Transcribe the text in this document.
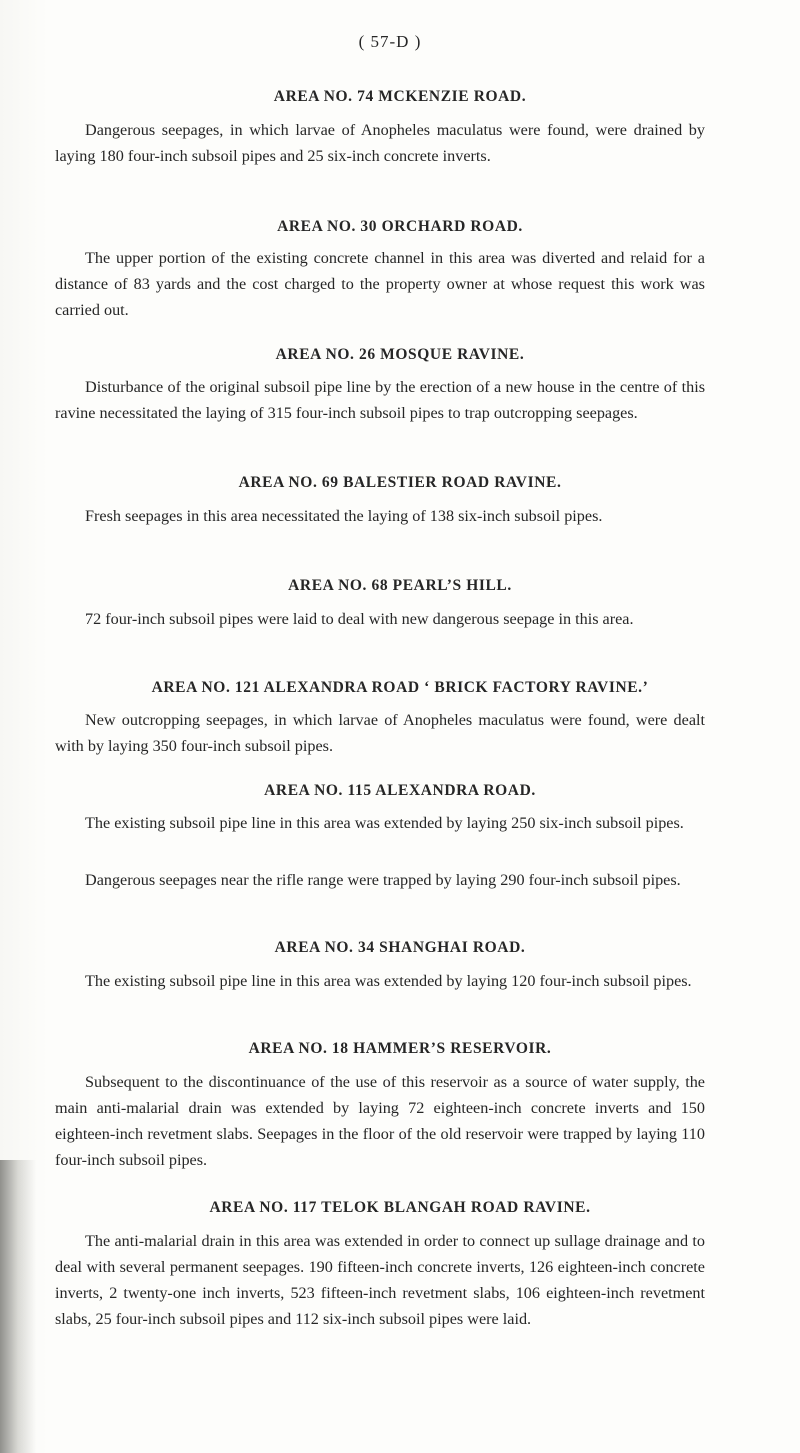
( 57-D )
AREA NO. 74 MCKENZIE ROAD.
Dangerous seepages, in which larvae of Anopheles maculatus were found, were drained by laying 180 four-inch subsoil pipes and 25 six-inch concrete inverts.
AREA NO. 30 ORCHARD ROAD.
The upper portion of the existing concrete channel in this area was diverted and relaid for a distance of 83 yards and the cost charged to the property owner at whose request this work was carried out.
AREA NO. 26 MOSQUE RAVINE.
Disturbance of the original subsoil pipe line by the erection of a new house in the centre of this ravine necessitated the laying of 315 four-inch subsoil pipes to trap outcropping seepages.
AREA NO. 69 BALESTIER ROAD RAVINE.
Fresh seepages in this area necessitated the laying of 138 six-inch subsoil pipes.
AREA NO. 68 PEARL’S HILL.
72 four-inch subsoil pipes were laid to deal with new dangerous seepage in this area.
AREA NO. 121 ALEXANDRA ROAD ‘ BRICK FACTORY RAVINE.’
New outcropping seepages, in which larvae of Anopheles maculatus were found, were dealt with by laying 350 four-inch subsoil pipes.
AREA NO. 115 ALEXANDRA ROAD.
The existing subsoil pipe line in this area was extended by laying 250 six-inch subsoil pipes.
Dangerous seepages near the rifle range were trapped by laying 290 four-inch subsoil pipes.
AREA NO. 34 SHANGHAI ROAD.
The existing subsoil pipe line in this area was extended by laying 120 four-inch subsoil pipes.
AREA NO. 18 HAMMER’S RESERVOIR.
Subsequent to the discontinuance of the use of this reservoir as a source of water supply, the main anti-malarial drain was extended by laying 72 eighteen-inch concrete inverts and 150 eighteen-inch revetment slabs. Seepages in the floor of the old reservoir were trapped by laying 110 four-inch subsoil pipes.
AREA NO. 117 TELOK BLANGAH ROAD RAVINE.
The anti-malarial drain in this area was extended in order to connect up sullage drainage and to deal with several permanent seepages. 190 fifteen-inch concrete inverts, 126 eighteen-inch concrete inverts, 2 twenty-one inch inverts, 523 fifteen-inch revetment slabs, 106 eighteen-inch revetment slabs, 25 four-inch subsoil pipes and 112 six-inch subsoil pipes were laid.
